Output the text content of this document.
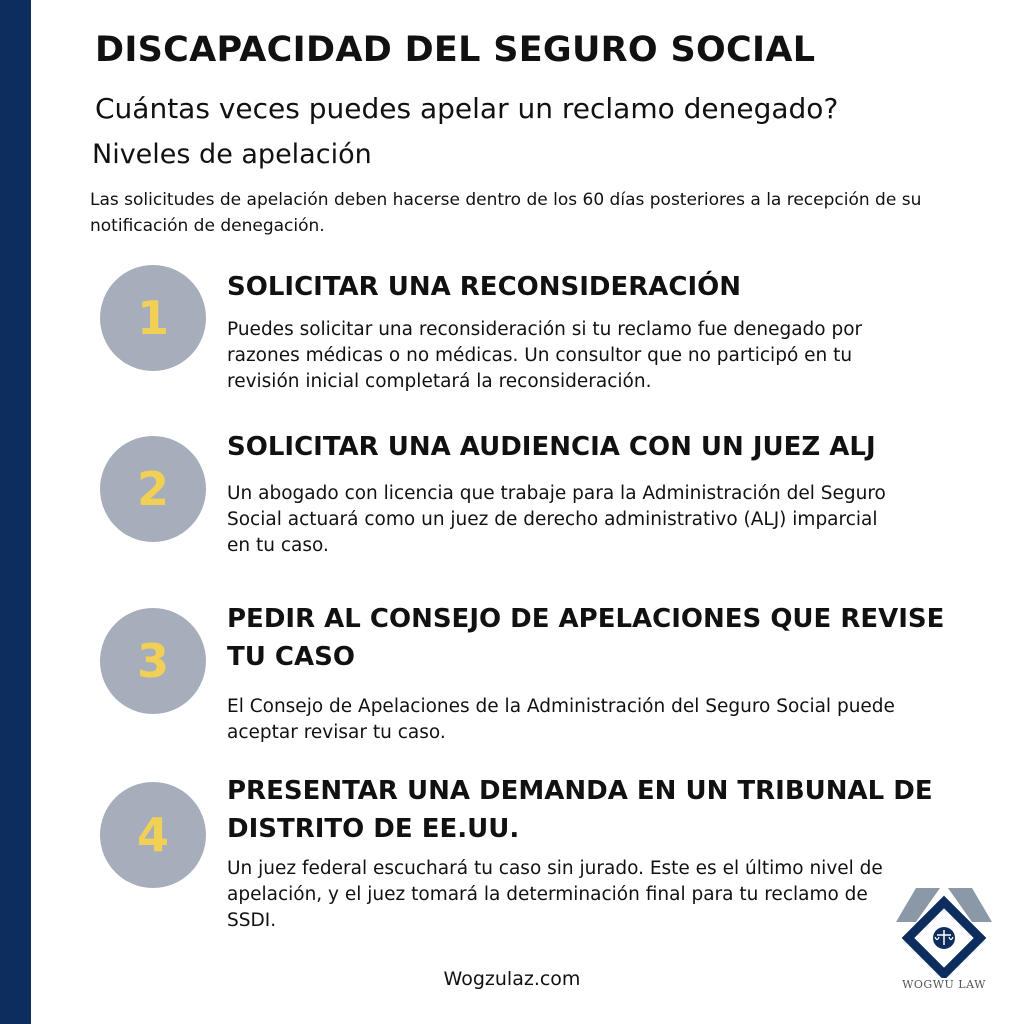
DISCAPACIDAD DEL SEGURO SOCIAL
Cuántas veces puedes apelar un reclamo denegado?
Niveles de apelación
Las solicitudes de apelación deben hacerse dentro de los 60 días posteriores a la recepción de su notificación de denegación.
1
SOLICITAR UNA RECONSIDERACIÓN
Puedes solicitar una reconsideración si tu reclamo fue denegado por razones médicas o no médicas. Un consultor que no participó en tu revisión inicial completará la reconsideración.
2
SOLICITAR UNA AUDIENCIA CON UN JUEZ ALJ
Un abogado con licencia que trabaje para la Administración del Seguro Social actuará como un juez de derecho administrativo (ALJ) imparcial en tu caso.
3
PEDIR AL CONSEJO DE APELACIONES QUE REVISE TU CASO
El Consejo de Apelaciones de la Administración del Seguro Social puede aceptar revisar tu caso.
4
PRESENTAR UNA DEMANDA EN UN TRIBUNAL DE DISTRITO DE EE.UU.
Un juez federal escuchará tu caso sin jurado. Este es el último nivel de apelación, y el juez tomará la determinación final para tu reclamo de SSDI.
Wogzulaz.com	WOGWU LAW
